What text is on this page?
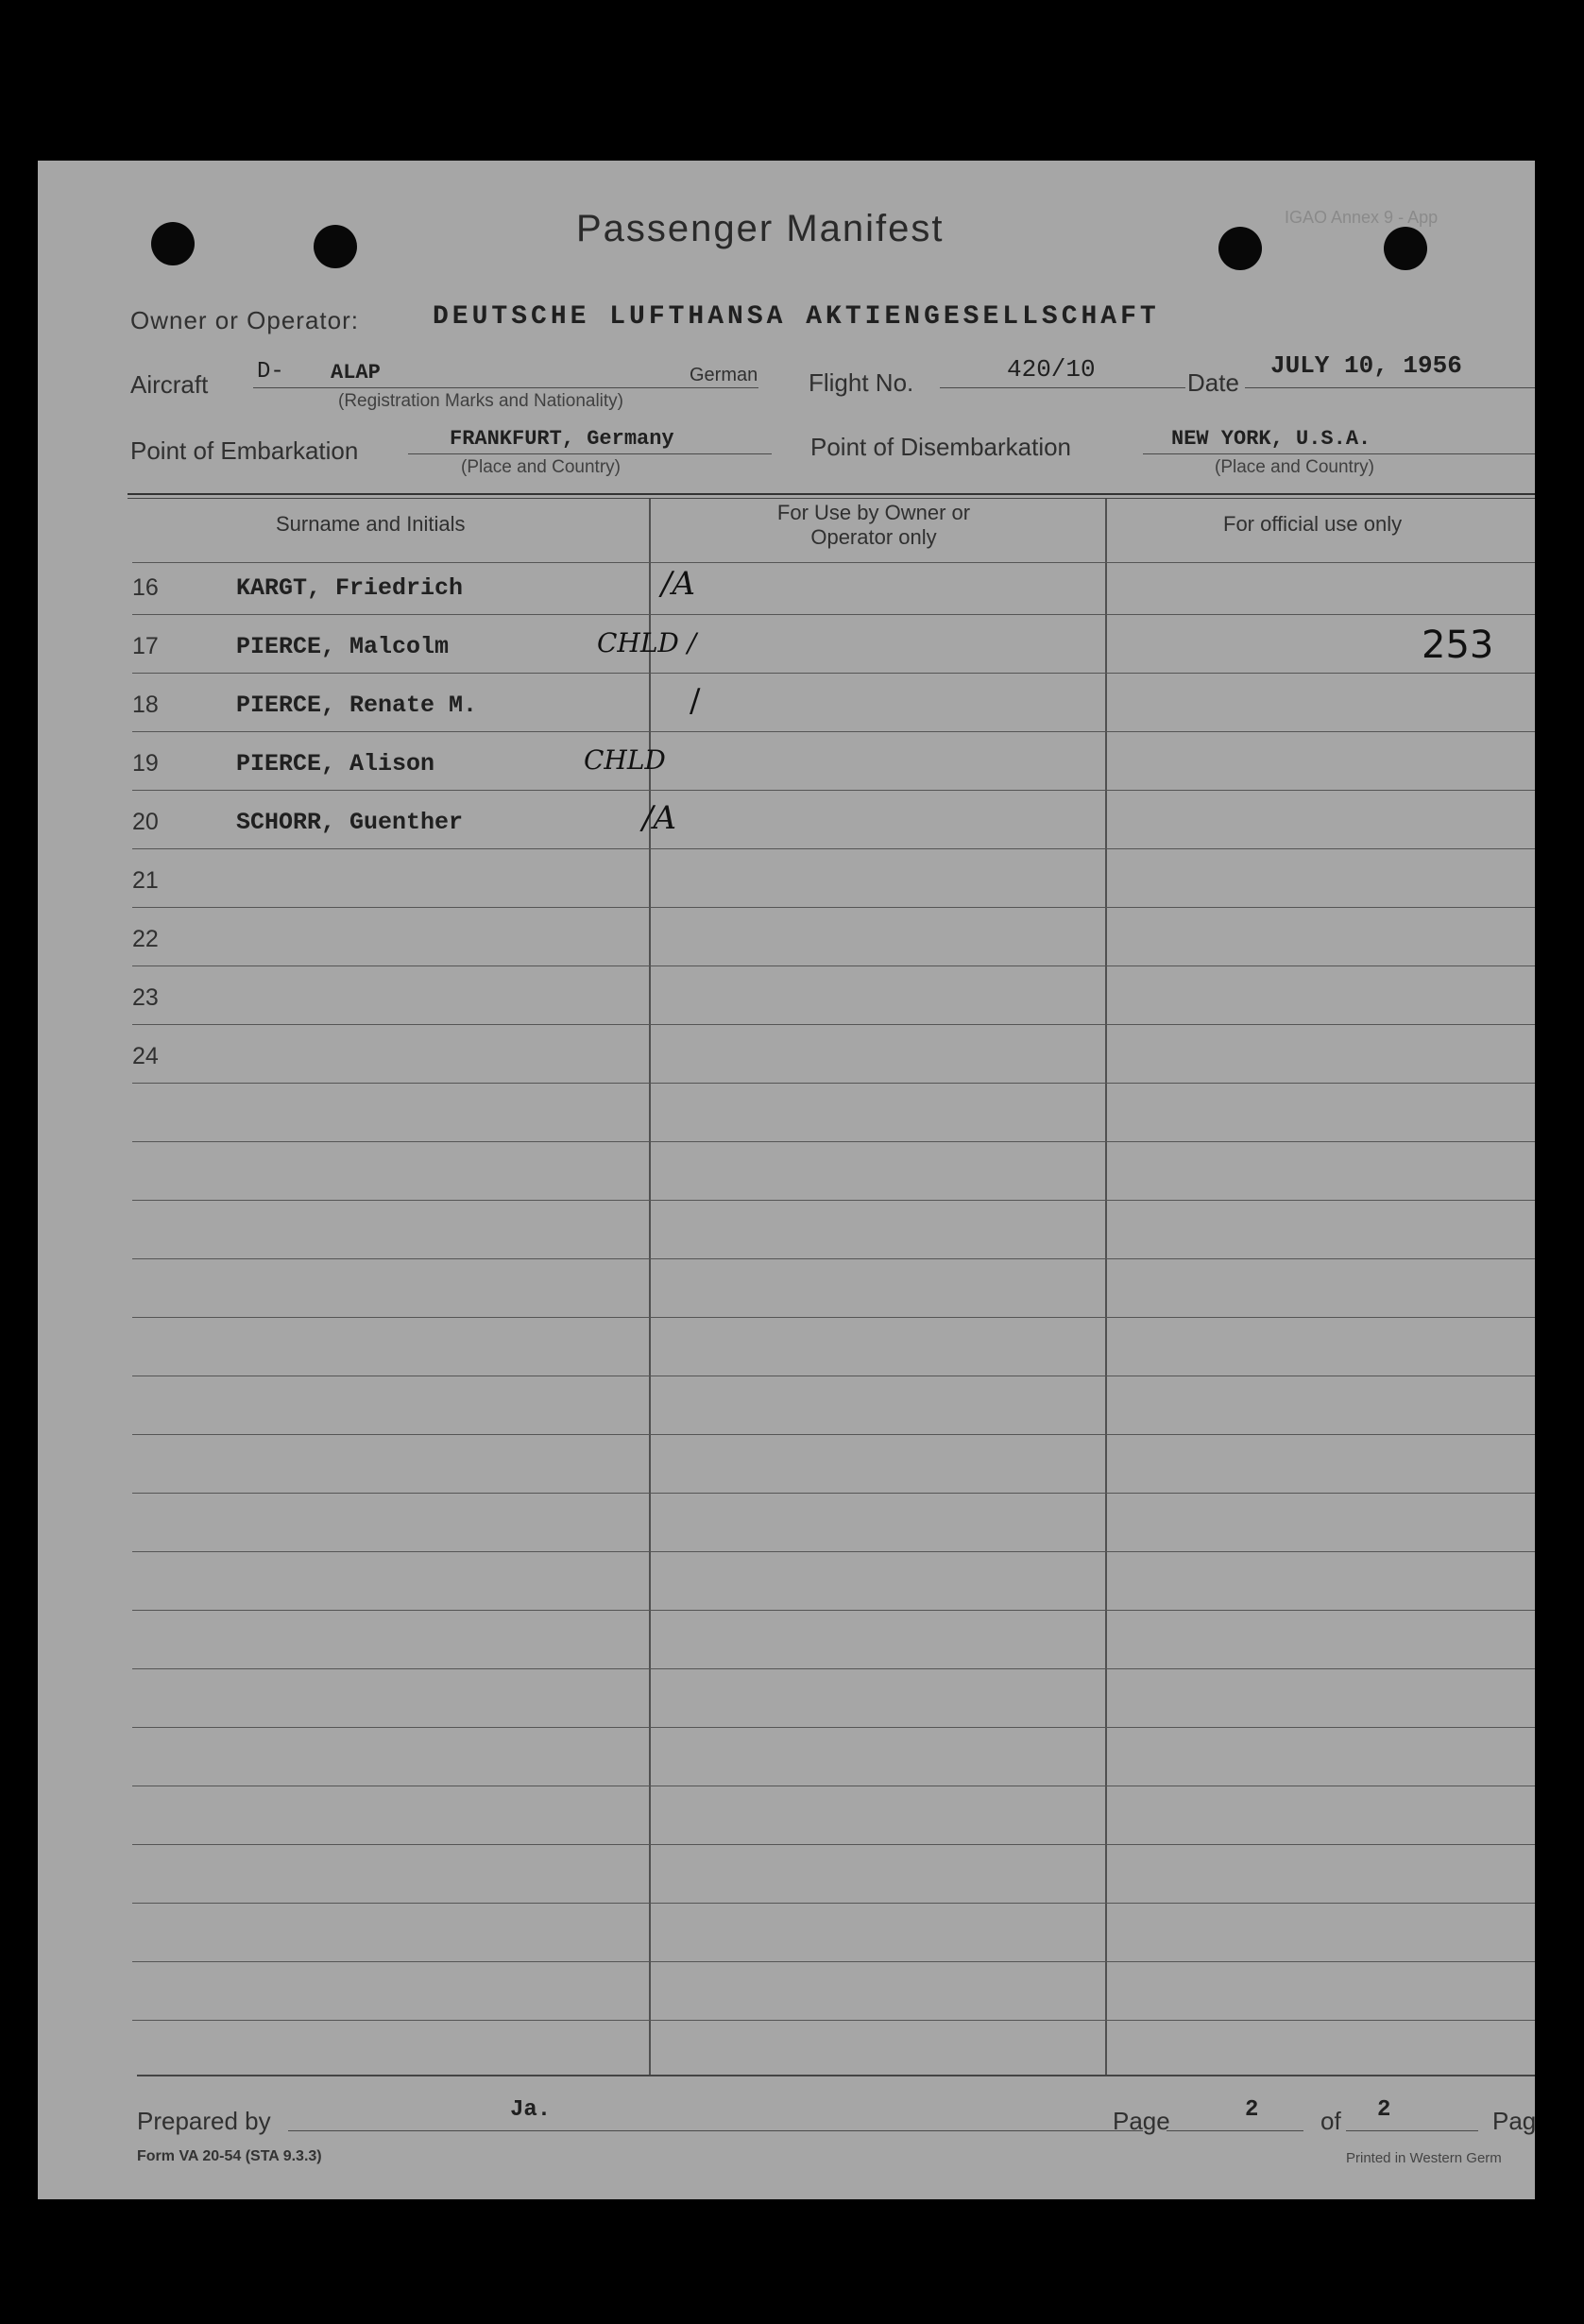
IGAO Annex 9 - App
Passenger Manifest
Owner or Operator:	DEUTSCHE LUFTHANSA AKTIENGESELLSCHAFT
Aircraft D- ALAP	German
(Registration Marks and Nationality)
Flight No.	420/10	Date
JULY 10, 1956
Point of Embarkation	FRANKFURT, Germany
(Place and Country)
Point of Disembarkation	NEW YORK, U.S.A.
(Place and Country)
Surname and Initials	For Use by Owner or Operator only
For official use only
16	KARGT, Friedrich	/A
17	PIERCE, Malcolm	CHLD /	253
18	PIERCE, Renate M.	/
19	PIERCE, Alison	CHLD
20	SCHORR, Guenther	/A
21
22
23
24
Prepared by	Ja.	Page	2	of 2	Pag
Form VA 20-54 (STA 9.3.3)	Printed in Western Germ
